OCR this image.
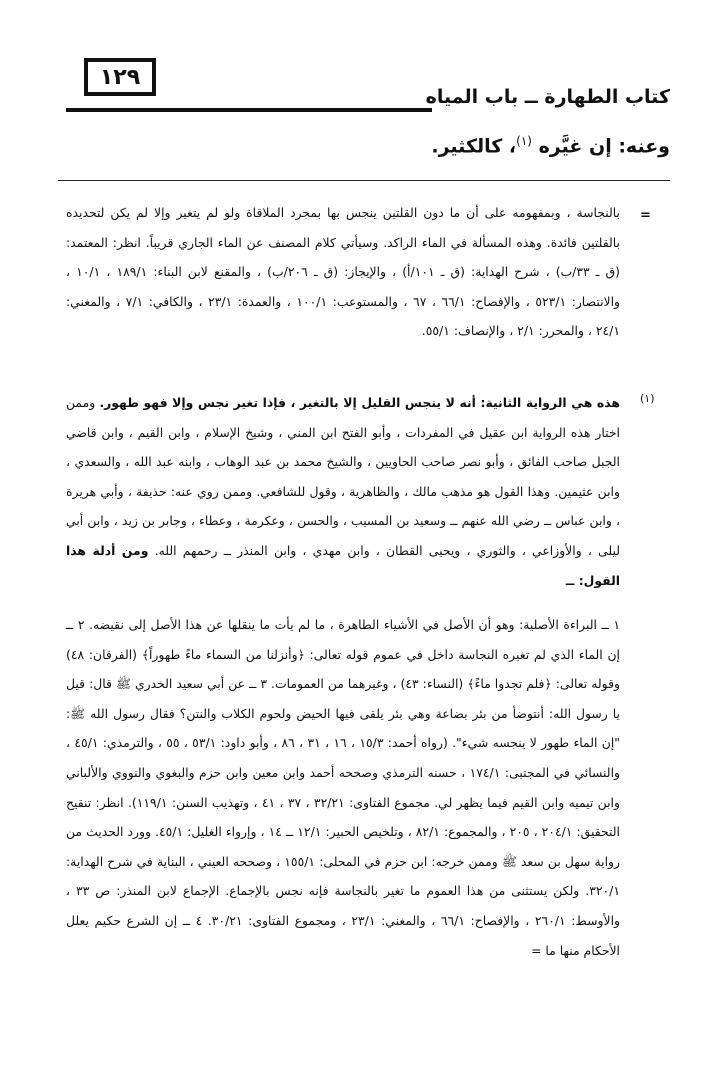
١٢٩
كتاب الطهارة ــ باب المياه
وعنه: إن غيَّره $^{(١)}$، كالكثير.
=
بالنجاسة ، وبمفهومه على أن ما دون القلتين ينجس بها بمجرد الملاقاة ولو لم يتغير وإلا لم يكن لتحديده بالقلتين فائدة. وهذه المسألة في الماء الراكد. وسيأتي كلام المصنف عن الماء الجاري قريباً. انظر: المعتمد: (ق ـ ٣٣/ب) ، شرح الهداية: (ق ـ ١٠١/أ) ، والإيجاز: (ق ـ ٢٠٦/ب) ، والمقنع لابن البناء: ١٨٩/١ ، ١٠/١ ، والانتصار: ٥٢٣/١ ، والإفصاح: ٦٦/١ ، ٦٧ ، والمستوعب: ١٠٠/١ ، والعمدة: ٢٣/١ ، والكافي: ٧/١ ، والمغني: ٢٤/١ ، والمحرر: ٢/١ ، والإنصاف: ٥٥/١.
(١)
هذه هي الرواية الثانية: أنه لا ينجس القليل إلا بالتغير ، فإذا تغير نجس وإلا فهو طهور. وممن اختار هذه الرواية ابن عقيل في المفردات ، وأبو الفتح ابن المني ، وشيخ الإسلام ، وابن القيم ، وابن قاضي الجبل صاحب الفائق ، وأبو نصر صاحب الحاويين ، والشيخ محمد بن عبد الوهاب ، وابنه عبد الله ، والسعدي ، وابن عثيمين. وهذا القول هو مذهب مالك ، والظاهرية ، وقول للشافعي. وممن روي عنه: حذيفة ، وأبي هريرة ، وابن عباس ــ رضي الله عنهم ــ وسعيد بن المسيب ، والحسن ، وعكرمة ، وعطاء ، وجابر بن زيد ، وابن أبي ليلى ، والأوزاعي ، والثوري ، ويحيى القطان ، وابن مهدي ، وابن المنذر ــ رحمهم الله. ومن أدلة هذا القول: ــ
١ ــ البراءة الأصلية: وهو أن الأصل في الأشياء الطاهرة ، ما لم يأت ما ينقلها عن هذا الأصل إلى نقيضه. ٢ ــ إن الماء الذي لم تغيره النجاسة داخل في عموم قوله تعالى: ﴿وأنزلنا من السماء ماءً طهوراً﴾ (الفرقان: ٤٨) وقوله تعالى: ﴿فلم تجدوا ماءً﴾ (النساء: ٤٣) ، وغيرهما من العمومات. ٣ ــ عن أبي سعيد الخدري ﷺ قال: قيل يا رسول الله: أنتوضأ من بئر بضاعة وهي بئر يلقى فيها الحيض ولحوم الكلاب والنتن؟ فقال رسول الله ﷺ: "إن الماء طهور لا ينجسه شيء". (رواه أحمد: ١٥/٣ ، ١٦ ، ٣١ ، ٨٦ ، وأبو داود: ٥٣/١ ، ٥٥ ، والترمذي: ٤٥/١ ، والنسائي في المجتبى: ١٧٤/١ ، حسنه الترمذي وصححه أحمد وابن معين وابن حزم والبغوي والنووي والألباني وابن تيميه وابن القيم فيما يظهر لي. مجموع الفتاوى: ٣٢/٢١ ، ٣٧ ، ٤١ ، وتهذيب السنن: ١١٩/١). انظر: تنقيح التحقيق: ٢٠٤/١ ، ٢٠٥ ، والمجموع: ٨٢/١ ، وتلخيص الحبير: ١٢/١ ــ ١٤ ، وإرواء الغليل: ٤٥/١. وورد الحديث من رواية سهل بن سعد ﷺ وممن خرجه: ابن حزم في المحلى: ١٥٥/١ ، وصححه العيني ، البناية في شرح الهداية: ٣٢٠/١. ولكن يستثنى من هذا العموم ما تغير بالنجاسة فإنه نجس بالإجماع. الإجماع لابن المنذر: ص ٣٣ ، والأوسط: ٢٦٠/١ ، والإفصاح: ٦٦/١ ، والمغني: ٢٣/١ ، ومجموع الفتاوى: ٣٠/٢١. ٤ ــ إن الشرع حكيم يعلل الأحكام منها ما =
